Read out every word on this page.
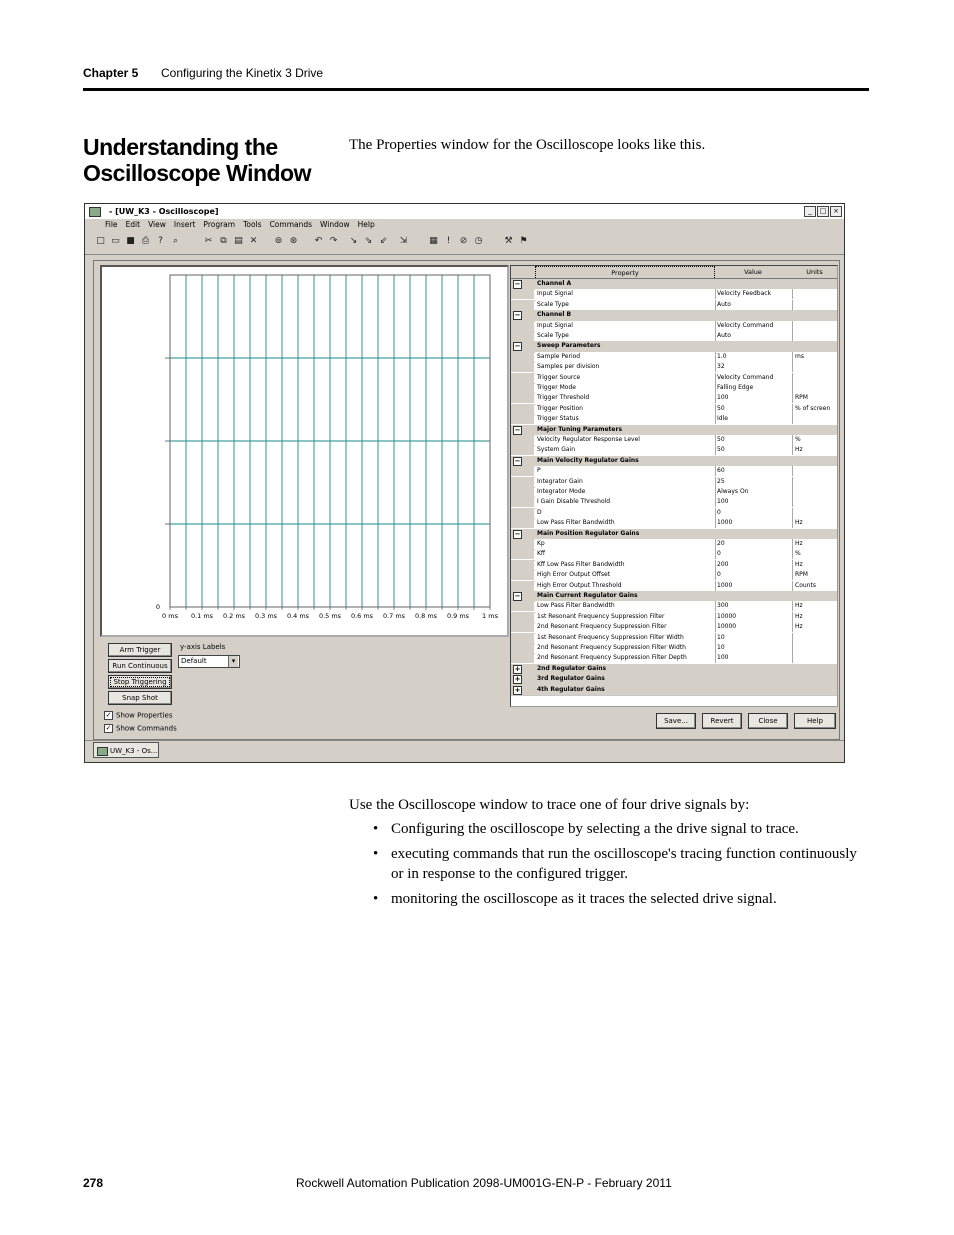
Chapter 5 Configuring the Kinetix 3 Drive
Understanding the Oscilloscope Window
The Properties window for the Oscilloscope looks like this.
- [UW_K3 - Oscilloscope]	_	□ ×
File	Edit	View	Insert	Program	Tools	Commands	Window	Help
□ ▭ ■ ⎙	?	⌕	✂ ⧉ ▤ ✕ ⊚ ⊛ ↶ ↷ ↘ ⇘ ⇙ ⇲ ▦ !	⊘ ◷ ⚒ ⚑
0 ms 0.1 ms 0.2 ms 0.3 ms 0.4 ms 0.5 ms 0.6 ms 0.7 ms 0.8 ms 0.9 ms 1 ms
0
Arm Trigger
Run Continuous
Stop Triggering
Snap Shot
y-axis Labels
Default	▾
✓ Show Properties
✓ Show Commands
Property	Value	Units
−	Channel A
Input Signal	Velocity Feedback
Scale Type	Auto
−	Channel B
Input Signal	Velocity Command
Scale Type	Auto
−	Sweep Parameters
Sample Period	1.0	ms
Samples per division	32
Trigger Source	Velocity Command
Trigger Mode	Falling Edge
Trigger Threshold	100	RPM
Trigger Position	50	% of screen
Trigger Status	Idle
−	Major Tuning Parameters
Velocity Regulator Response Level	50	%
System Gain	50	Hz
−	Main Velocity Regulator Gains
P	60
Integrator Gain	25
Integrator Mode	Always On
I Gain Disable Threshold	100
D	0
Low Pass Filter Bandwidth	1000	Hz
−	Main Position Regulator Gains
Kp	20	Hz
Kff	0	%
Kff Low Pass Filter Bandwidth	200	Hz
High Error Output Offset	0	RPM
High Error Output Threshold	1000	Counts
−	Main Current Regulator Gains
Low Pass Filter Bandwidth	300	Hz
1st Resonant Frequency Suppression Filter	10000	Hz
2nd Resonant Frequency Suppression Filter	10000	Hz
1st Resonant Frequency Suppression Filter Width	10
2nd Resonant Frequency Suppression Filter Width	10
2nd Resonant Frequency Suppression Filter Depth	100
+	2nd Regulator Gains
+	3rd Regulator Gains
+	4th Regulator Gains
Save...	Revert	Close	Help
UW_K3 - Os...
Use the Oscilloscope window to trace one of four drive signals by:
• Configuring the oscilloscope by selecting a the drive signal to trace.
• executing commands that run the oscilloscope's tracing function continuously or in response to the configured trigger.
• monitoring the oscilloscope as it traces the selected drive signal.
278	Rockwell Automation Publication 2098-UM001G-EN-P - February 2011
